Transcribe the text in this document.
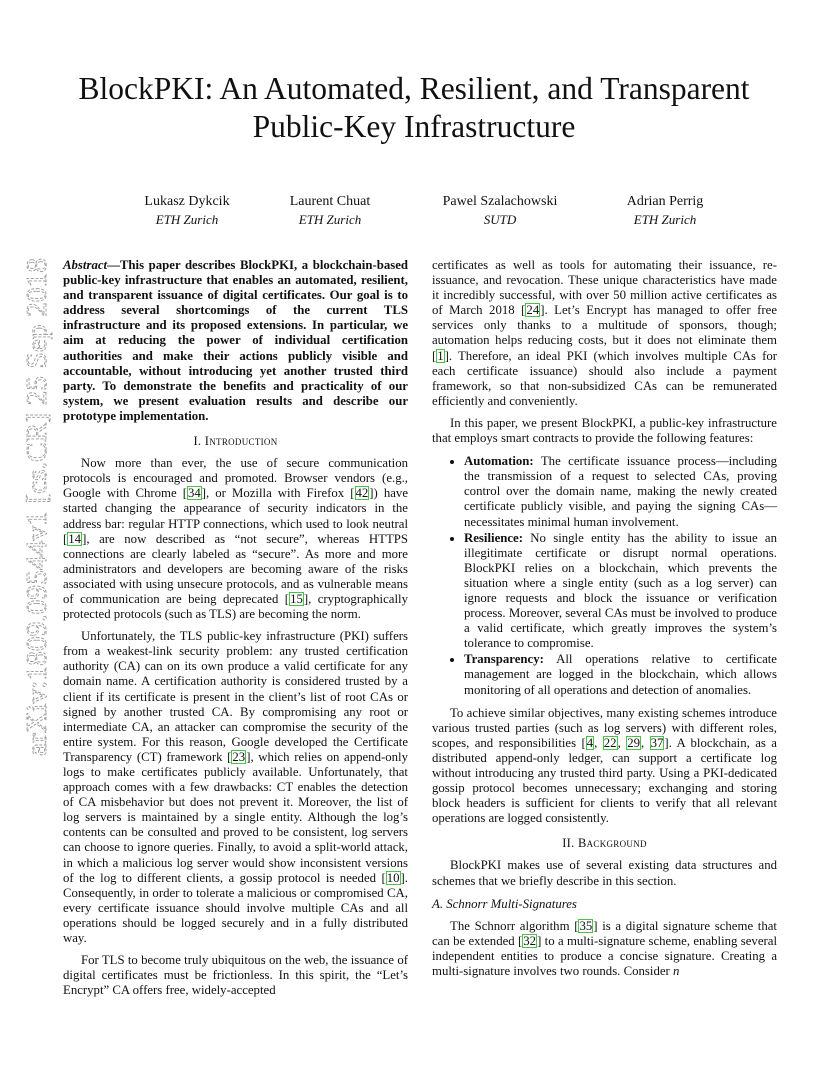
BlockPKI: An Automated, Resilient, and Transparent Public-Key Infrastructure
Lukasz Dykcik
ETH Zurich
Laurent Chuat
ETH Zurich
Pawel Szalachowski
SUTD
Adrian Perrig
ETH Zurich
arXiv:1809.09544v1 [cs.CR] 25 Sep 2018

Abstract—This paper describes BlockPKI, a blockchain-based public-key infrastructure that enables an automated, resilient, and transparent issuance of digital certificates. Our goal is to address several shortcomings of the current TLS infrastructure and its proposed extensions. In particular, we aim at reducing the power of individual certification authorities and make their actions publicly visible and accountable, without introducing yet another trusted third party. To demonstrate the benefits and practicality of our system, we present evaluation results and describe our prototype implementation.

I. Introduction

Now more than ever, the use of secure communication protocols is encouraged and promoted. Browser vendors (e.g., Google with Chrome [34], or Mozilla with Firefox [42]) have started changing the appearance of security indicators in the address bar: regular HTTP connections, which used to look neutral [14], are now described as “not secure”, whereas HTTPS connections are clearly labeled as “secure”. As more and more administrators and developers are becoming aware of the risks associated with using unsecure protocols, and as vulnerable means of communication are being deprecated [15], cryptographically protected protocols (such as TLS) are becoming the norm.

Unfortunately, the TLS public-key infrastructure (PKI) suffers from a weakest-link security problem: any trusted certification authority (CA) can on its own produce a valid certificate for any domain name. A certification authority is considered trusted by a client if its certificate is present in the client’s list of root CAs or signed by another trusted CA. By compromising any root or intermediate CA, an attacker can compromise the security of the entire system. For this reason, Google developed the Certificate Transparency (CT) framework [23], which relies on append-only logs to make certificates publicly available. Unfortunately, that approach comes with a few drawbacks: CT enables the detection of CA misbehavior but does not prevent it. Moreover, the list of log servers is maintained by a single entity. Although the log’s contents can be consulted and proved to be consistent, log servers can choose to ignore queries. Finally, to avoid a split-world attack, in which a malicious log server would show inconsistent versions of the log to different clients, a gossip protocol is needed [10]. Consequently, in order to tolerate a malicious or compromised CA, every certificate issuance should involve multiple CAs and all operations should be logged securely and in a fully distributed way.

For TLS to become truly ubiquitous on the web, the issuance of digital certificates must be frictionless. In this spirit, the “Let’s Encrypt” CA offers free, widely-accepted

certificates as well as tools for automating their issuance, re-issuance, and revocation. These unique characteristics have made it incredibly successful, with over 50 million active certificates as of March 2018 [24]. Let’s Encrypt has managed to offer free services only thanks to a multitude of sponsors, though; automation helps reducing costs, but it does not eliminate them [1]. Therefore, an ideal PKI (which involves multiple CAs for each certificate issuance) should also include a payment framework, so that non-subsidized CAs can be remunerated efficiently and conveniently.

In this paper, we present BlockPKI, a public-key infrastructure that employs smart contracts to provide the following features:

• Automation: The certificate issuance process—including the transmission of a request to selected CAs, proving control over the domain name, making the newly created certificate publicly visible, and paying the signing CAs—necessitates minimal human involvement.
• Resilience: No single entity has the ability to issue an illegitimate certificate or disrupt normal operations. BlockPKI relies on a blockchain, which prevents the situation where a single entity (such as a log server) can ignore requests and block the issuance or verification process. Moreover, several CAs must be involved to produce a valid certificate, which greatly improves the system’s tolerance to compromise.
• Transparency: All operations relative to certificate management are logged in the blockchain, which allows monitoring of all operations and detection of anomalies.

To achieve similar objectives, many existing schemes introduce various trusted parties (such as log servers) with different roles, scopes, and responsibilities [4, 22, 29, 37]. A blockchain, as a distributed append-only ledger, can support a certificate log without introducing any trusted third party. Using a PKI-dedicated gossip protocol becomes unnecessary; exchanging and storing block headers is sufficient for clients to verify that all relevant operations are logged consistently.

II. Background

BlockPKI makes use of several existing data structures and schemes that we briefly describe in this section.

A. Schnorr Multi-Signatures

The Schnorr algorithm [35] is a digital signature scheme that can be extended [32] to a multi-signature scheme, enabling several independent entities to produce a concise signature. Creating a multi-signature involves two rounds. Consider n
